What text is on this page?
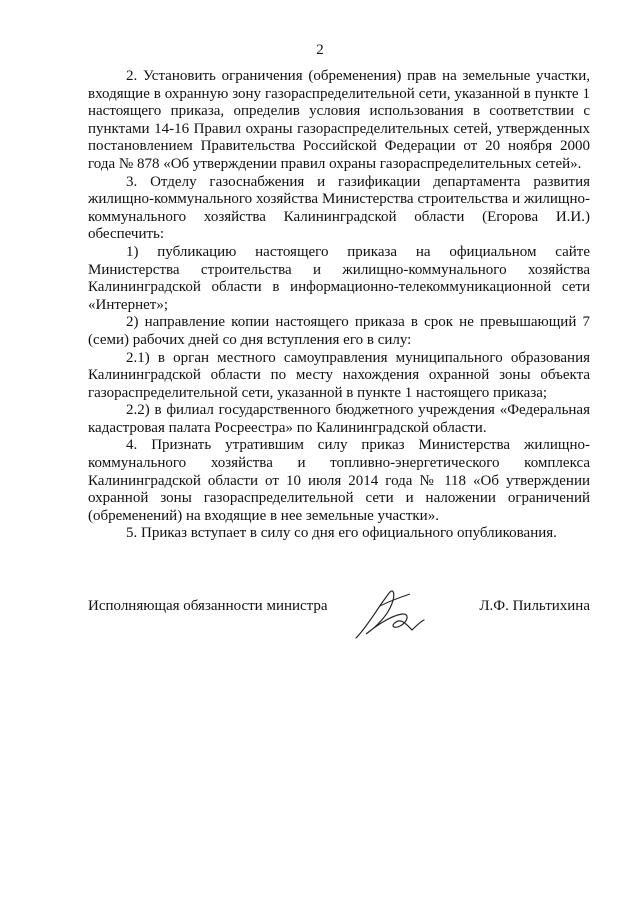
2

2. Установить ограничения (обременения) прав на земельные участки, входящие в охранную зону газораспределительной сети, указанной в пункте 1 настоящего приказа, определив условия использования в соответствии с пунктами 14-16 Правил охраны газораспределительных сетей, утвержденных постановлением Правительства Российской Федерации от 20 ноября 2000 года № 878 «Об утверждении правил охраны газораспределительных сетей».

3. Отделу газоснабжения и газификации департамента развития жилищно-коммунального хозяйства Министерства строительства и жилищно-коммунального хозяйства Калининградской области (Егорова И.И.) обеспечить:

1) публикацию настоящего приказа на официальном сайте Министерства строительства и жилищно-коммунального хозяйства Калининградской области в информационно-телекоммуникационной сети «Интернет»;

2) направление копии настоящего приказа в срок не превышающий 7 (семи) рабочих дней со дня вступления его в силу:

2.1) в орган местного самоуправления муниципального образования Калининградской области по месту нахождения охранной зоны объекта газораспределительной сети, указанной в пункте 1 настоящего приказа;

2.2) в филиал государственного бюджетного учреждения «Федеральная кадастровая палата Росреестра» по Калининградской области.

4. Признать утратившим силу приказ Министерства жилищно-коммунального хозяйства и топливно-энергетического комплекса Калининградской области от 10 июля 2014 года № 118 «Об утверждении охранной зоны газораспределительной сети и наложении ограничений (обременений) на входящие в нее земельные участки».

5. Приказ вступает в силу со дня его официального опубликования.

Исполняющая обязанности министра	Л.Ф. Пильтихина
